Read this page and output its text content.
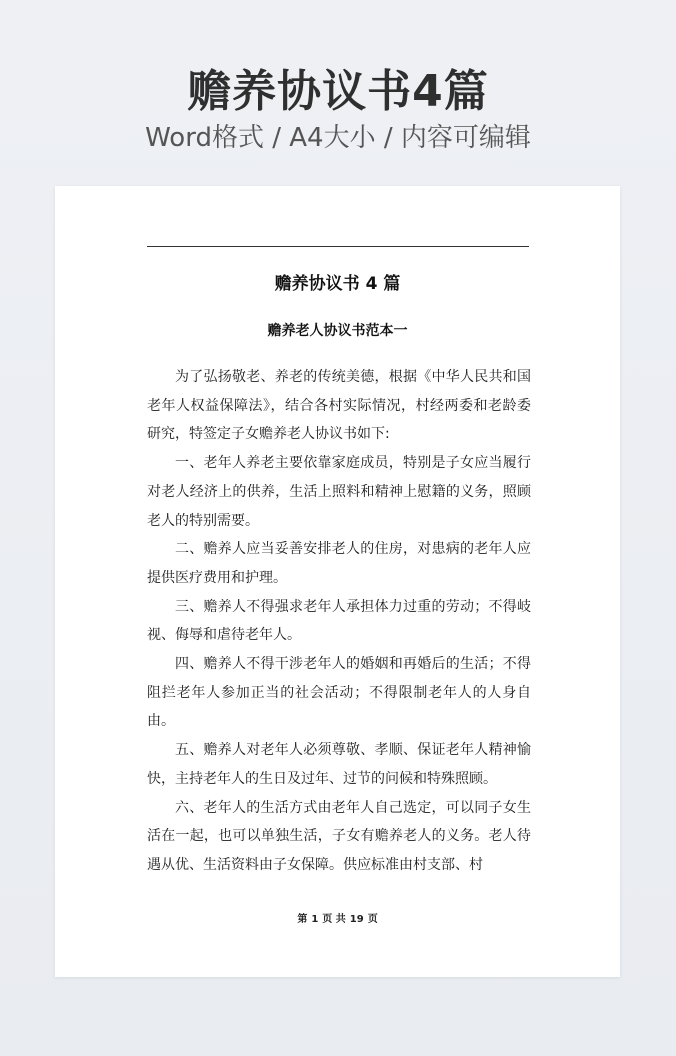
赡养协议书4篇
Word格式 / A4大小 / 内容可编辑
赡养协议书 4 篇
赡养老人协议书范本一

为了弘扬敬老、养老的传统美德，根据《中华人民共和国老年人权益保障法》，结合各村实际情况，村经两委和老龄委研究，特签定子女赡养老人协议书如下:

一、老年人养老主要依靠家庭成员，特别是子女应当履行对老人经济上的供养，生活上照料和精神上慰籍的义务，照顾老人的特别需要。

二、赡养人应当妥善安排老人的住房，对患病的老年人应提供医疗费用和护理。

三、赡养人不得强求老年人承担体力过重的劳动；不得岐视、侮辱和虐待老年人。

四、赡养人不得干涉老年人的婚姻和再婚后的生活；不得阻拦老年人参加正当的社会活动；不得限制老年人的人身自由。

五、赡养人对老年人必须尊敬、孝顺、保证老年人精神愉快，主持老年人的生日及过年、过节的问候和特殊照顾。

六、老年人的生活方式由老年人自己选定，可以同子女生活在一起，也可以单独生活，子女有赡养老人的义务。老人待遇从优、生活资料由子女保障。供应标准由村支部、村

第 1 页 共 19 页
